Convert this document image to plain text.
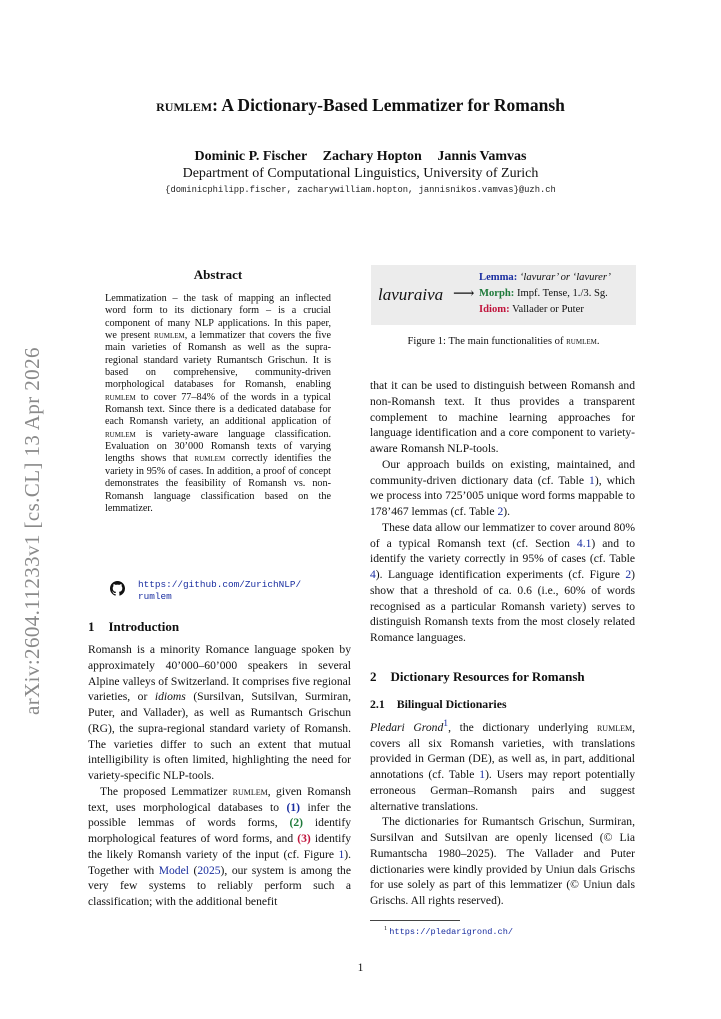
arXiv:2604.11233v1 [cs.CL] 13 Apr 2026
rumlem: A Dictionary-Based Lemmatizer for Romansh
Dominic P. Fischer Zachary Hopton Jannis Vamvas
Department of Computational Linguistics, University of Zurich
{dominicphilipp.fischer, zacharywilliam.hopton, jannisnikos.vamvas}@uzh.ch
Abstract

Lemmatization – the task of mapping an inflected word form to its dictionary form – is a crucial component of many NLP applications. In this paper, we present rumlem, a lemmatizer that covers the five main varieties of Romansh as well as the supra-regional standard variety Rumantsch Grischun. It is based on comprehensive, community-driven morphological databases for Romansh, enabling rumlem to cover 77–84% of the words in a typical Romansh text. Since there is a dedicated database for each Romansh variety, an additional application of rumlem is variety-aware language classification. Evaluation on 30’000 Romansh texts of varying lengths shows that rumlem correctly identifies the variety in 95% of cases. In addition, a proof of concept demonstrates the feasibility of Romansh vs. non-Romansh language classification based on the lemmatizer.

https://github.com/ZurichNLP/
rumlem
1 Introduction

Romansh is a minority Romance language spoken by approximately 40’000–60’000 speakers in several Alpine valleys of Switzerland. It comprises five regional varieties, or idioms (Sursilvan, Sutsilvan, Surmiran, Puter, and Vallader), as well as Rumantsch Grischun (RG), the supra-regional standard variety of Romansh. The varieties differ to such an extent that mutual intelligibility is often limited, highlighting the need for variety-specific NLP-tools.

The proposed Lemmatizer rumlem, given Romansh text, uses morphological databases to (1) infer the possible lemmas of words forms, (2) identify morphological features of word forms, and (3) identify the likely Romansh variety of the input (cf. Figure 1). Together with Model (2025), our system is among the very few systems to reliably perform such a classification; with the additional benefit

lavuraiva ⟶
Lemma: ‘lavurar’ or ‘lavurer’
Morph: Impf. Tense, 1./3. Sg.
Idiom: Vallader or Puter
Figure 1: The main functionalities of rumlem.

that it can be used to distinguish between Romansh and non-Romansh text. It thus provides a transparent complement to machine learning approaches for language identification and a core component to variety-aware Romansh NLP-tools.

Our approach builds on existing, maintained, and community-driven dictionary data (cf. Table 1), which we process into 725’005 unique word forms mappable to 178’467 lemmas (cf. Table 2).

These data allow our lemmatizer to cover around 80% of a typical Romansh text (cf. Section 4.1) and to identify the variety correctly in 95% of cases (cf. Table 4). Language identification experiments (cf. Figure 2) show that a threshold of ca. 0.6 (i.e., 60% of words recognised as a particular Romansh variety) serves to distinguish Romansh texts from the most closely related Romance languages.

2 Dictionary Resources for Romansh
2.1 Bilingual Dictionaries

Pledari Grond$^1$, the dictionary underlying rumlem, covers all six Romansh varieties, with translations provided in German (DE), as well as, in part, additional annotations (cf. Table 1). Users may report potentially erroneous German–Romansh pairs and suggest alternative translations.

The dictionaries for Rumantsch Grischun, Surmiran, Sursilvan and Sutsilvan are openly licensed (© Lia Rumantscha 1980–2025). The Vallader and Puter dictionaries were kindly provided by Uniun dals Grischs for use solely as part of this lemmatizer (© Uniun dals Grischs. All rights reserved).

$^1$ https://pledarigrond.ch/
1
